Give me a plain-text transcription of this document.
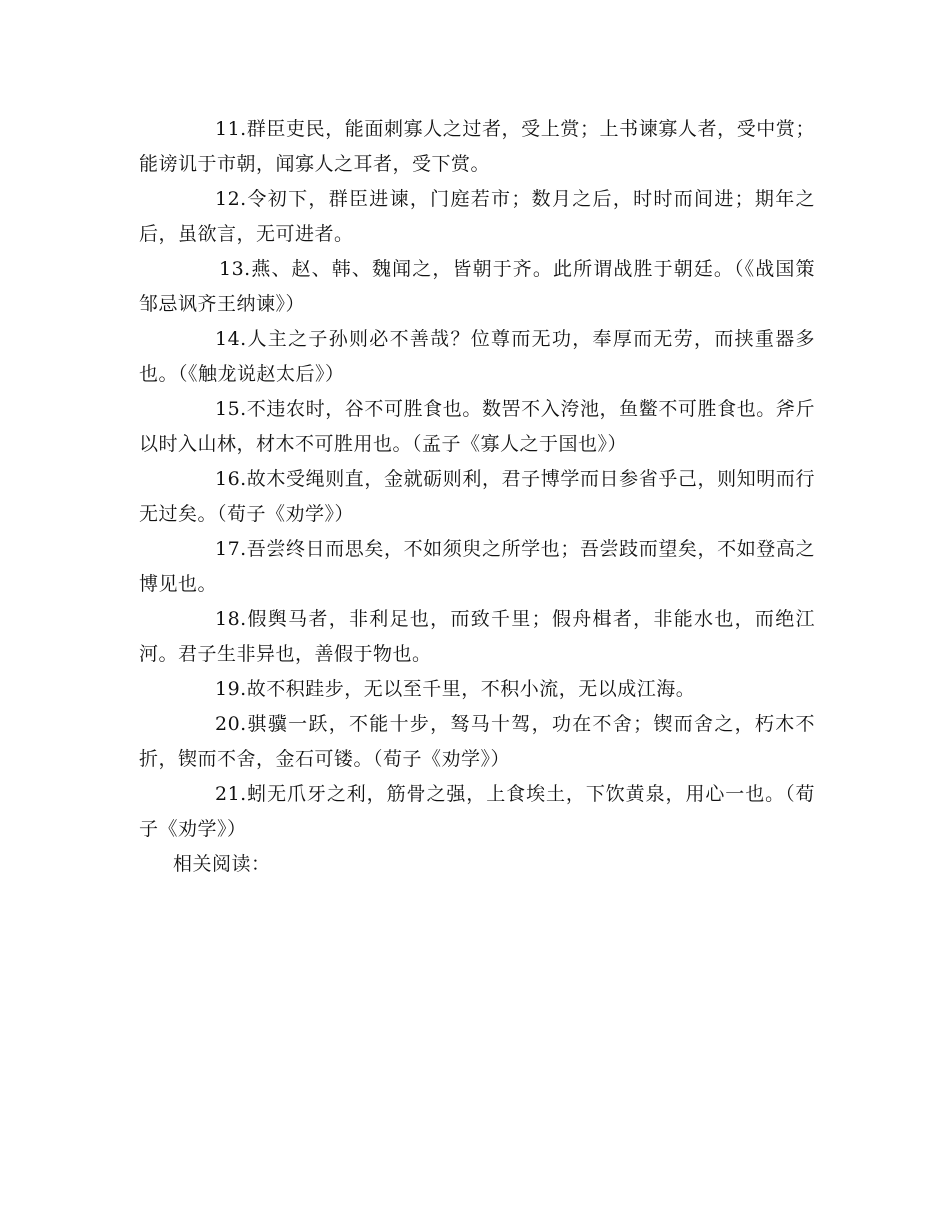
11.群臣吏民，能面刺寡人之过者，受上赏；上书谏寡人者，受中赏；能谤讥于市朝，闻寡人之耳者，受下赏。

12.令初下，群臣进谏，门庭若市；数月之后，时时而间进；期年之后，虽欲言，无可进者。

13.燕、赵、韩、魏闻之，皆朝于齐。此所谓战胜于朝廷。（《战国策邹忌讽齐王纳谏》）

14.人主之子孙则必不善哉？位尊而无功，奉厚而无劳，而挟重器多也。（《触龙说赵太后》）

15.不违农时，谷不可胜食也。数罟不入洿池，鱼鳖不可胜食也。斧斤以时入山林，材木不可胜用也。（孟子《寡人之于国也》）

16.故木受绳则直，金就砺则利，君子博学而日参省乎己，则知明而行无过矣。（荀子《劝学》）

17.吾尝终日而思矣，不如须臾之所学也；吾尝跂而望矣，不如登高之博见也。

18.假舆马者，非利足也，而致千里；假舟楫者，非能水也，而绝江河。君子生非异也，善假于物也。

19.故不积跬步，无以至千里，不积小流，无以成江海。

20.骐骥一跃，不能十步，驽马十驾，功在不舍；锲而舍之，朽木不折，锲而不舍，金石可镂。（荀子《劝学》）

21.蚓无爪牙之利，筋骨之强，上食埃土，下饮黄泉，用心一也。（荀子《劝学》）

相关阅读：
